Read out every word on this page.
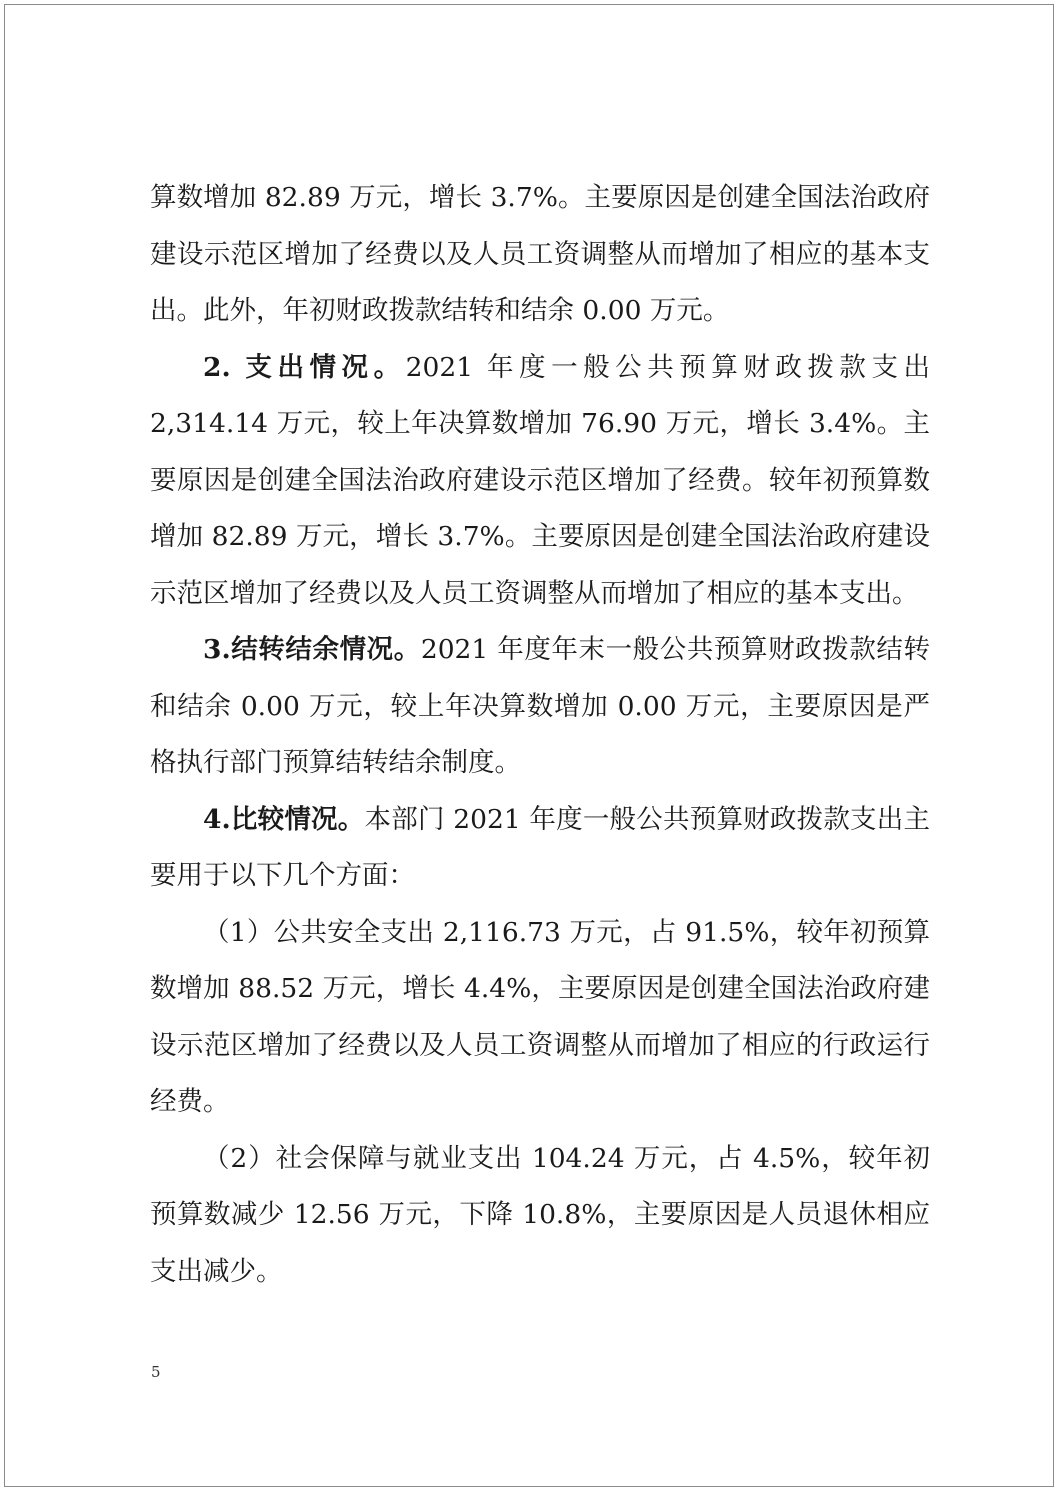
算数增加 82.89 万元，增长 3.7%。主要原因是创建全国法治政府建设示范区增加了经费以及人员工资调整从而增加了相应的基本支出。此外，年初财政拨款结转和结余 0.00 万元。

2. 支出情况。2021 年度一般公共预算财政拨款支出 2,314.14 万元，较上年决算数增加 76.90 万元，增长 3.4%。主要原因是创建全国法治政府建设示范区增加了经费。较年初预算数增加 82.89 万元，增长 3.7%。主要原因是创建全国法治政府建设示范区增加了经费以及人员工资调整从而增加了相应的基本支出。

3.结转结余情况。2021 年度年末一般公共预算财政拨款结转和结余 0.00 万元，较上年决算数增加 0.00 万元，主要原因是严格执行部门预算结转结余制度。

4.比较情况。本部门 2021 年度一般公共预算财政拨款支出主要用于以下几个方面：

（1）公共安全支出 2,116.73 万元，占 91.5%，较年初预算数增加 88.52 万元，增长 4.4%，主要原因是创建全国法治政府建设示范区增加了经费以及人员工资调整从而增加了相应的行政运行经费。

（2）社会保障与就业支出 104.24 万元，占 4.5%，较年初预算数减少 12.56 万元，下降 10.8%，主要原因是人员退休相应支出减少。

5
